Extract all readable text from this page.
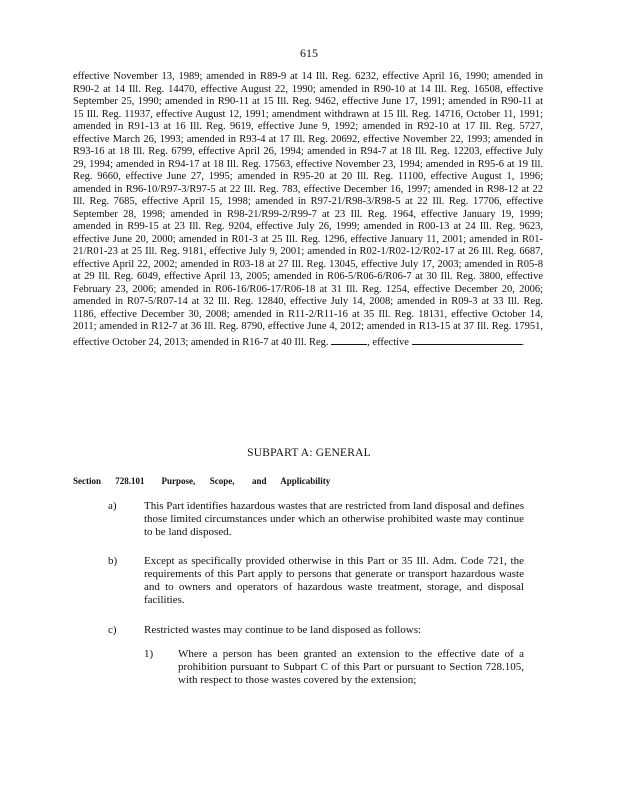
615

effective November 13, 1989; amended in R89-9 at 14 Ill. Reg. 6232, effective April 16, 1990; amended in R90-2 at 14 Ill. Reg. 14470, effective August 22, 1990; amended in R90-10 at 14 Ill. Reg. 16508, effective September 25, 1990; amended in R90-11 at 15 Ill. Reg. 9462, effective June 17, 1991; amended in R90-11 at 15 Ill. Reg. 11937, effective August 12, 1991; amendment withdrawn at 15 Ill. Reg. 14716, October 11, 1991; amended in R91-13 at 16 Ill. Reg. 9619, effective June 9, 1992; amended in R92-10 at 17 Ill. Reg. 5727, effective March 26, 1993; amended in R93-4 at 17 Ill. Reg. 20692, effective November 22, 1993; amended in R93-16 at 18 Ill. Reg. 6799, effective April 26, 1994; amended in R94-7 at 18 Ill. Reg. 12203, effective July 29, 1994; amended in R94-17 at 18 Ill. Reg. 17563, effective November 23, 1994; amended in R95-6 at 19 Ill. Reg. 9660, effective June 27, 1995; amended in R95-20 at 20 Ill. Reg. 11100, effective August 1, 1996; amended in R96-10/R97-3/R97-5 at 22 Ill. Reg. 783, effective December 16, 1997; amended in R98-12 at 22 Ill. Reg. 7685, effective April 15, 1998; amended in R97-21/R98-3/R98-5 at 22 Ill. Reg. 17706, effective September 28, 1998; amended in R98-21/R99-2/R99-7 at 23 Ill. Reg. 1964, effective January 19, 1999; amended in R99-15 at 23 Ill. Reg. 9204, effective July 26, 1999; amended in R00-13 at 24 Ill. Reg. 9623, effective June 20, 2000; amended in R01-3 at 25 Ill. Reg. 1296, effective January 11, 2001; amended in R01-21/R01-23 at 25 Ill. Reg. 9181, effective July 9, 2001; amended in R02-1/R02-12/R02-17 at 26 Ill. Reg. 6687, effective April 22, 2002; amended in R03-18 at 27 Ill. Reg. 13045, effective July 17, 2003; amended in R05-8 at 29 Ill. Reg. 6049, effective April 13, 2005; amended in R06-5/R06-6/R06-7 at 30 Ill. Reg. 3800, effective February 23, 2006; amended in R06-16/R06-17/R06-18 at 31 Ill. Reg. 1254, effective December 20, 2006; amended in R07-5/R07-14 at 32 Ill. Reg. 12840, effective July 14, 2008; amended in R09-3 at 33 Ill. Reg. 1186, effective December 30, 2008; amended in R11-2/R11-16 at 35 Ill. Reg. 18131, effective October 14, 2011; amended in R12-7 at 36 Ill. Reg. 8790, effective June 4, 2012; amended in R13-15 at 37 Ill. Reg. 17951, effective October 24, 2013; amended in R16-7 at 40 Ill. Reg.	, effective	.

SUBPART A: GENERAL
Section 728.101 Purpose, Scope, and Applicability
a) This Part identifies hazardous wastes that are restricted from land disposal and defines those limited circumstances under which an otherwise prohibited waste may continue to be land disposed.

b) Except as specifically provided otherwise in this Part or 35 Ill. Adm. Code 721, the requirements of this Part apply to persons that generate or transport hazardous waste and to owners and operators of hazardous waste treatment, storage, and disposal facilities.

c) Restricted wastes may continue to be land disposed as follows:

1) Where a person has been granted an extension to the effective date of a prohibition pursuant to Subpart C of this Part or pursuant to Section 728.105, with respect to those wastes covered by the extension;
